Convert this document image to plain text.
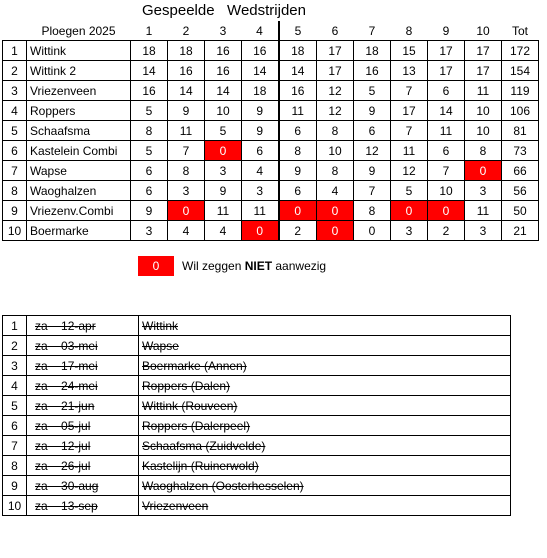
Gespeelde   Wedstrijden
	Ploegen 2025	1	2	3	4	5	6	7	8	9	10	Tot
1	Wittink	18	18	16	16	18	17	18	15	17	17	172
2	Wittink 2	14	16	16	14	14	17	16	13	17	17	154
3	Vriezenveen	16	14	14	18	16	12	5	7	6	11	119
4	Roppers	5	9	10	9	11	12	9	17	14	10	106
5	Schaafsma	8	11	5	9	6	8	6	7	11	10	81
6	Kastelein Combi	5	7	0	6	8	10	12	11	6	8	73
7	Wapse	6	8	3	4	9	8	9	12	7	0	66
8	Waoghalzen	6	3	9	3	6	4	7	5	10	3	56
9	Vriezenv.Combi	9	0	11	11	0	0	8	0	0	11	50
10	Boermarke	3	4	4	0	2	0	0	3	2	3	21
0	Wil zeggen NIET aanwezig
1	za 12-apr	Wittink
2	za 03-mei	Wapse
3	za 17-mei	Boermarke (Annen)
4	za 24-mei	Roppers (Dalen)
5	za 21-jun	Wittink (Rouveen)
6	za 05-jul	Roppers (Dalerpeel)
7	za 12-jul	Schaafsma (Zuidvelde)
8	za 26-jul	Kastelijn (Ruinerwold)
9	za 30-aug	Waoghalzen (Oosterhesselen)
10	za 13-sep	Vriezenveen
